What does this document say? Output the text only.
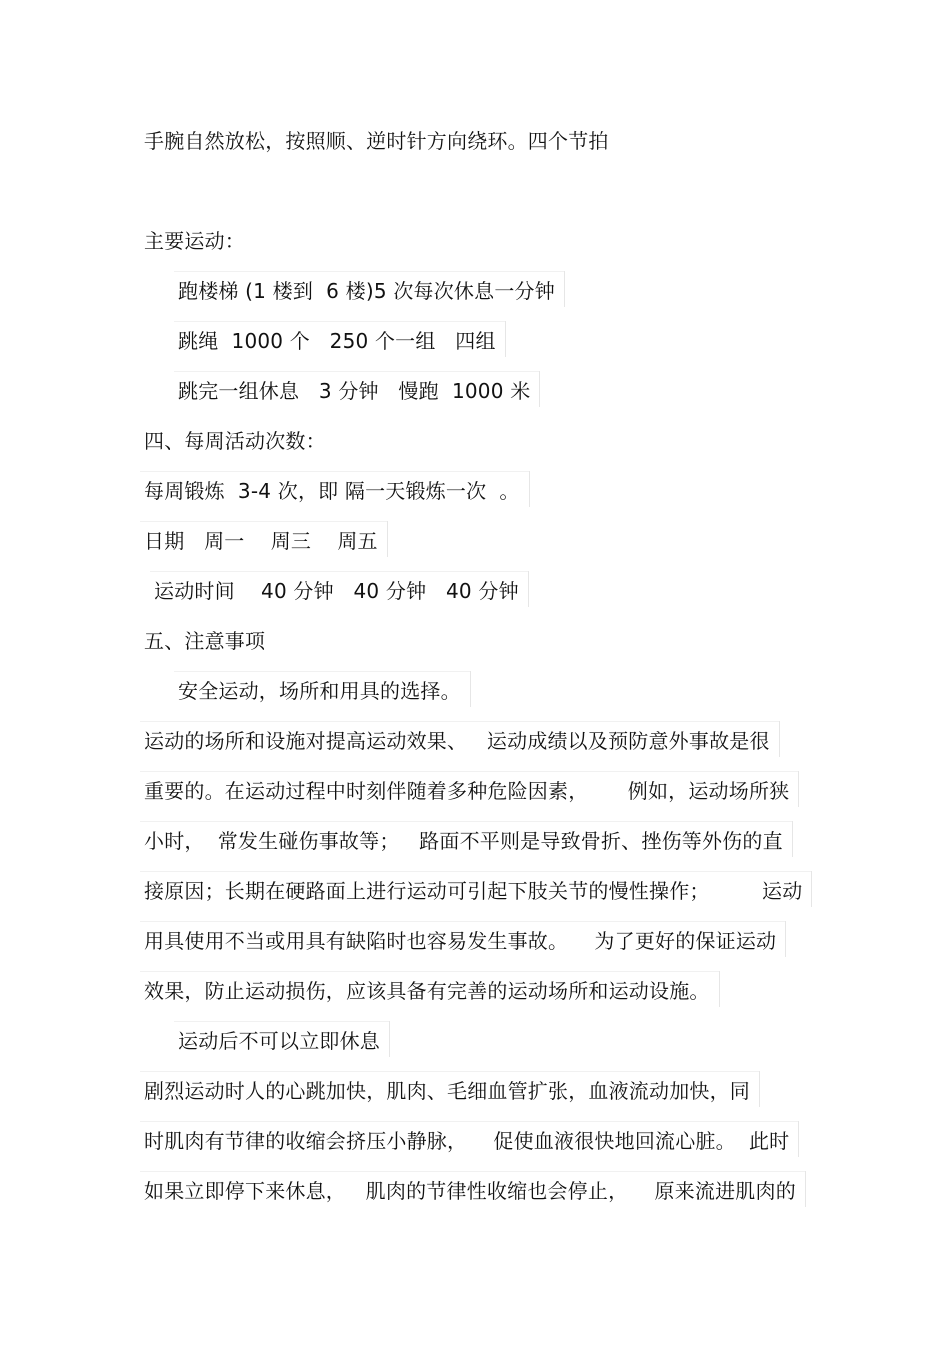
手腕自然放松，按照顺、逆时针方向绕环。四个节拍
主要运动：
跑楼梯 (1 楼到  6 楼)5 次每次休息一分钟
跳绳  1000 个   250 个一组   四组
跳完一组休息   3 分钟   慢跑  1000 米
四、每周活动次数：
每周锻炼  3-4 次，即 隔一天锻炼一次  。
日期   周一    周三    周五
运动时间    40 分钟   40 分钟   40 分钟
五、注意事项
安全运动，场所和用具的选择。
运动的场所和设施对提高运动效果、   运动成绩以及预防意外事故是很
重要的。在运动过程中时刻伴随着多种危险因素，      例如，运动场所狭
小时，  常发生碰伤事故等；   路面不平则是导致骨折、挫伤等外伤的直
接原因；长期在硬路面上进行运动可引起下肢关节的慢性操作；        运动
用具使用不当或用具有缺陷时也容易发生事故。    为了更好的保证运动
效果，防止运动损伤，应该具备有完善的运动场所和运动设施。
运动后不可以立即休息
剧烈运动时人的心跳加快，肌肉、毛细血管扩张，血液流动加快，同
时肌肉有节律的收缩会挤压小静脉，    促使血液很快地回流心脏。  此时
如果立即停下来休息，   肌肉的节律性收缩也会停止，    原来流进肌肉的
